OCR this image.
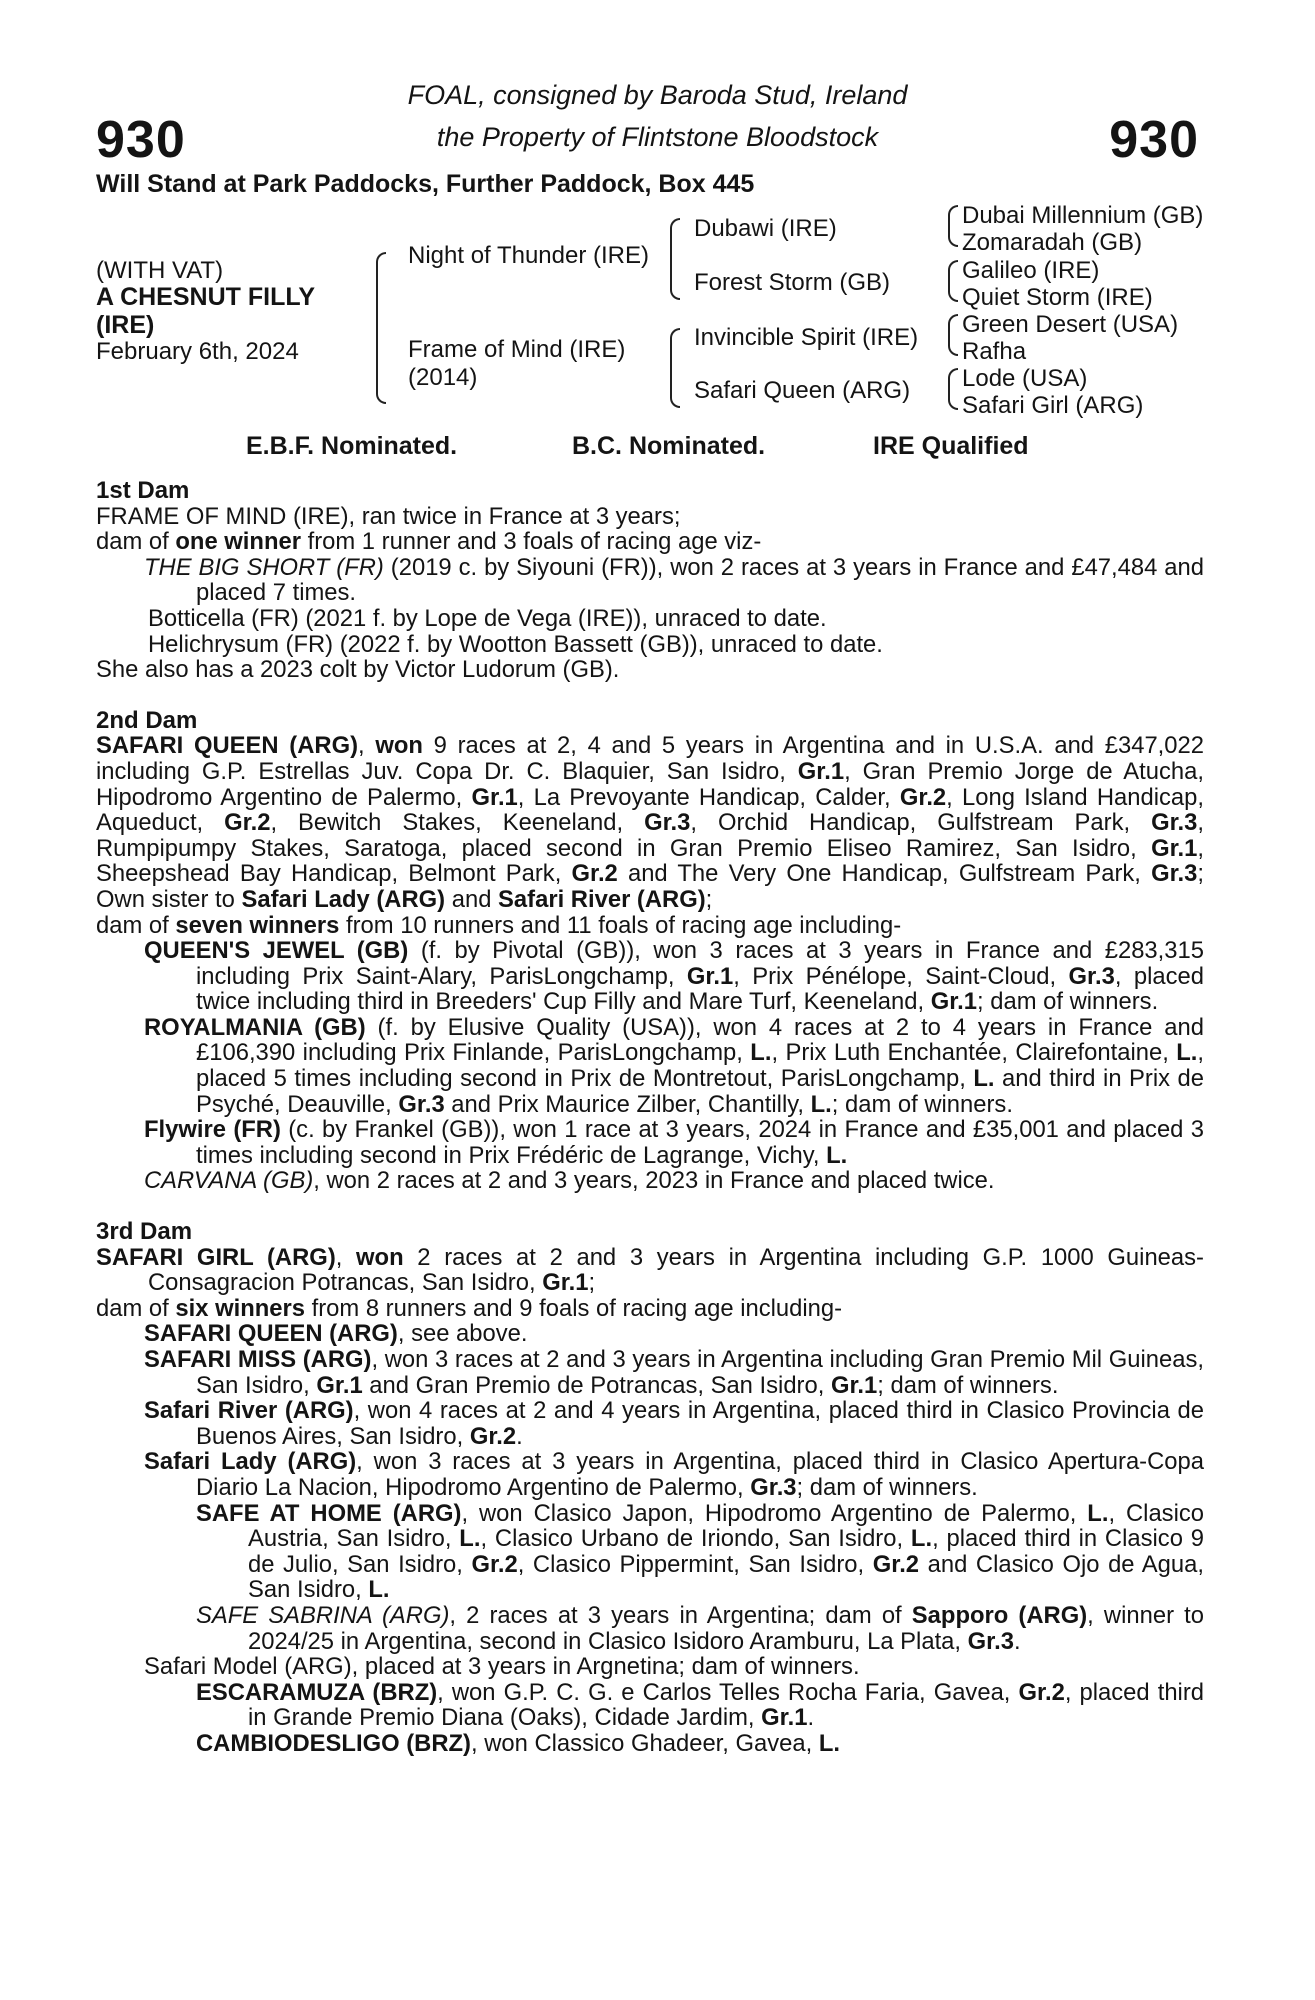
930	930
FOAL, consigned by Baroda Stud, Ireland
the Property of Flintstone Bloodstock
Will Stand at Park Paddocks, Further Paddock, Box 445
(WITH VAT)
A CHESNUT FILLY
(IRE)
February 6th, 2024
Night of Thunder (IRE)
Frame of Mind (IRE)
(2014)
Dubawi (IRE)
Forest Storm (GB)
Invincible Spirit (IRE)
Safari Queen (ARG)
Dubai Millennium (GB)
Zomaradah (GB)
Galileo (IRE)
Quiet Storm (IRE)
Green Desert (USA)
Rafha
Lode (USA)
Safari Girl (ARG)
E.B.F. Nominated.	B.C. Nominated.	IRE Qualified
1st Dam
FRAME OF MIND (IRE), ran twice in France at 3 years;
dam of one winner from 1 runner and 3 foals of racing age viz-
THE BIG SHORT (FR) (2019 c. by Siyouni (FR)), won 2 races at 3 years in France and £47,484 and placed 7 times.
Botticella (FR) (2021 f. by Lope de Vega (IRE)), unraced to date.
Helichrysum (FR) (2022 f. by Wootton Bassett (GB)), unraced to date.
She also has a 2023 colt by Victor Ludorum (GB).
2nd Dam
SAFARI QUEEN (ARG), won 9 races at 2, 4 and 5 years in Argentina and in U.S.A. and £347,022 including G.P. Estrellas Juv. Copa Dr. C. Blaquier, San Isidro, Gr.1, Gran Premio Jorge de Atucha, Hipodromo Argentino de Palermo, Gr.1, La Prevoyante Handicap, Calder, Gr.2, Long Island Handicap, Aqueduct, Gr.2, Bewitch Stakes, Keeneland, Gr.3, Orchid Handicap, Gulfstream Park, Gr.3, Rumpipumpy Stakes, Saratoga, placed second in Gran Premio Eliseo Ramirez, San Isidro, Gr.1, Sheepshead Bay Handicap, Belmont Park, Gr.2 and The Very One Handicap, Gulfstream Park, Gr.3; Own sister to Safari Lady (ARG) and Safari River (ARG);
dam of seven winners from 10 runners and 11 foals of racing age including-
QUEEN'S JEWEL (GB) (f. by Pivotal (GB)), won 3 races at 3 years in France and £283,315 including Prix Saint-Alary, ParisLongchamp, Gr.1, Prix Pénélope, Saint-Cloud, Gr.3, placed twice including third in Breeders' Cup Filly and Mare Turf, Keeneland, Gr.1; dam of winners.
ROYALMANIA (GB) (f. by Elusive Quality (USA)), won 4 races at 2 to 4 years in France and £106,390 including Prix Finlande, ParisLongchamp, L., Prix Luth Enchantée, Clairefontaine, L., placed 5 times including second in Prix de Montretout, ParisLongchamp, L. and third in Prix de Psyché, Deauville, Gr.3 and Prix Maurice Zilber, Chantilly, L.; dam of winners.
Flywire (FR) (c. by Frankel (GB)), won 1 race at 3 years, 2024 in France and £35,001 and placed 3 times including second in Prix Frédéric de Lagrange, Vichy, L.
CARVANA (GB), won 2 races at 2 and 3 years, 2023 in France and placed twice.
3rd Dam
SAFARI GIRL (ARG), won 2 races at 2 and 3 years in Argentina including G.P. 1000 Guineas-Consagracion Potrancas, San Isidro, Gr.1;
dam of six winners from 8 runners and 9 foals of racing age including-
SAFARI QUEEN (ARG), see above.
SAFARI MISS (ARG), won 3 races at 2 and 3 years in Argentina including Gran Premio Mil Guineas, San Isidro, Gr.1 and Gran Premio de Potrancas, San Isidro, Gr.1; dam of winners.
Safari River (ARG), won 4 races at 2 and 4 years in Argentina, placed third in Clasico Provincia de Buenos Aires, San Isidro, Gr.2.
Safari Lady (ARG), won 3 races at 3 years in Argentina, placed third in Clasico Apertura-Copa Diario La Nacion, Hipodromo Argentino de Palermo, Gr.3; dam of winners.
SAFE AT HOME (ARG), won Clasico Japon, Hipodromo Argentino de Palermo, L., Clasico Austria, San Isidro, L., Clasico Urbano de Iriondo, San Isidro, L., placed third in Clasico 9 de Julio, San Isidro, Gr.2, Clasico Pippermint, San Isidro, Gr.2 and Clasico Ojo de Agua, San Isidro, L.
SAFE SABRINA (ARG), 2 races at 3 years in Argentina; dam of Sapporo (ARG), winner to 2024/25 in Argentina, second in Clasico Isidoro Aramburu, La Plata, Gr.3.
Safari Model (ARG), placed at 3 years in Argnetina; dam of winners.
ESCARAMUZA (BRZ), won G.P. C. G. e Carlos Telles Rocha Faria, Gavea, Gr.2, placed third in Grande Premio Diana (Oaks), Cidade Jardim, Gr.1.
CAMBIODESLIGO (BRZ), won Classico Ghadeer, Gavea, L.
